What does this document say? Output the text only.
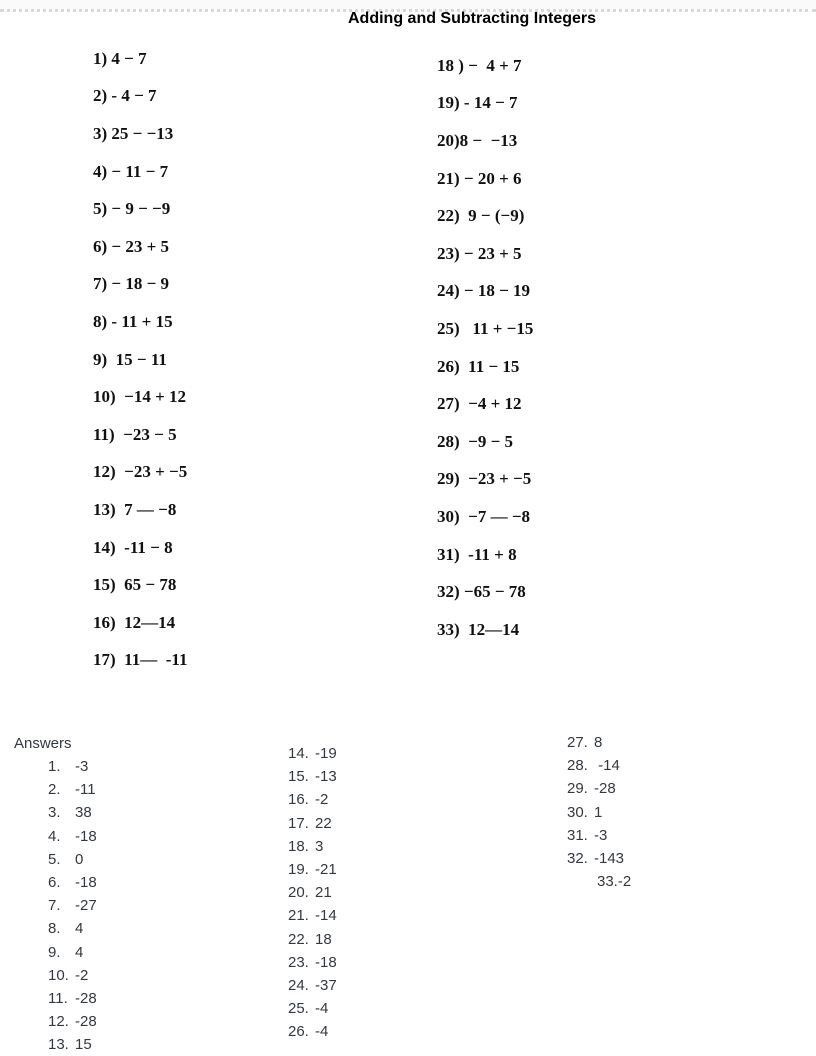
Adding and Subtracting Integers
1) 4 − 7
2) - 4 − 7
3) 25 − −13
4) − 11 − 7
5) − 9 − −9
6) − 23 + 5
7) − 18 − 9
8) - 11 + 15
9)  15 − 11
10)  −14 + 12
11)  −23 − 5
12)  −23 + −5
13)  7 — −8
14)  -11 − 8
15)  65 − 78
16)  12—14
17)  11—  -11
18 ) −  4 + 7
19) - 14 − 7
20)8 −  −13
21) − 20 + 6
22)  9 − (−9)
23) − 23 + 5
24) − 18 − 19
25)   11 + −15
26)  11 − 15
27)  −4 + 12
28)  −9 − 5
29)  −23 + −5
30)  −7 — −8
31)  -11 + 8
32) −65 − 78
33)  12—14
Answers
1. -3
2. -11
3. 38
4. -18
5. 0
6. -18
7. -27
8. 4
9. 4
10. -2
11. -28
12. -28
13. 15
14. -19
15. -13
16. -2
17. 22
18. 3
19. -21
20. 21
21. -14
22. 18
23. -18
24. -37
25. -4
26. -4
27. 8
28. -14
29. -28
30. 1
31. -3
32. -143
33.-2
